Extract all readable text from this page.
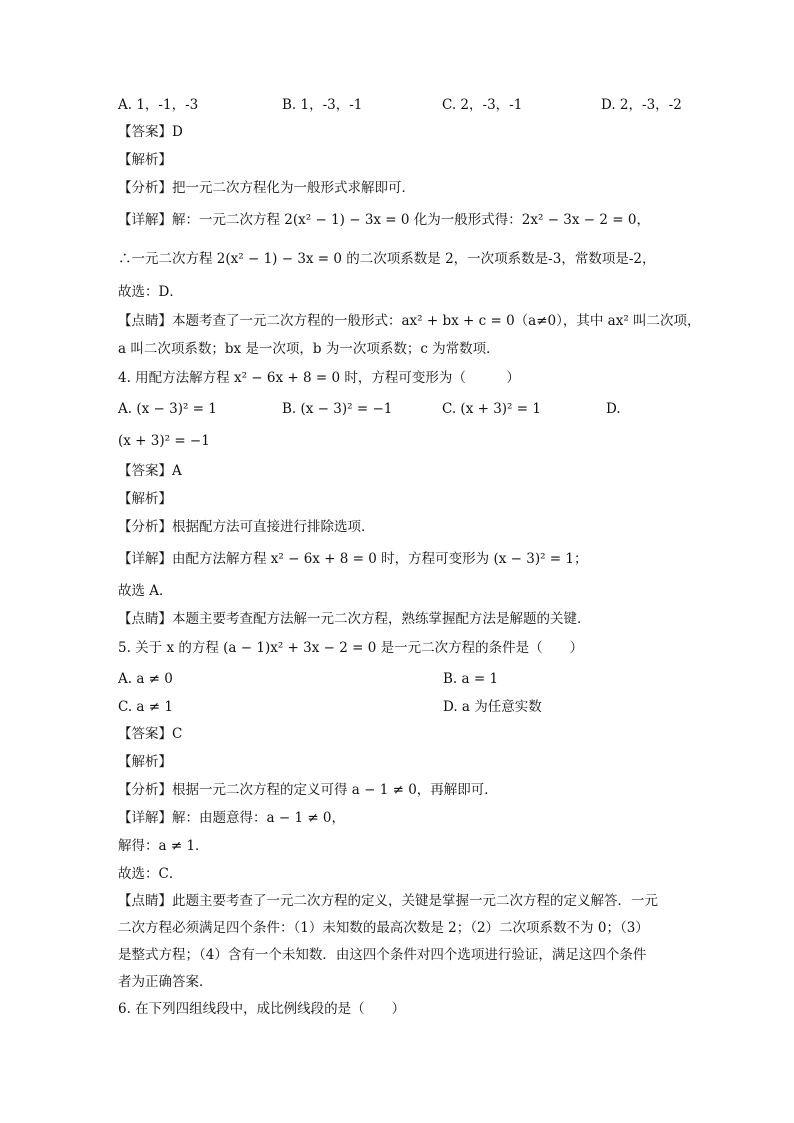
A. 1，-1，-3	B. 1，-3，-1	C. 2，-3，-1	D. 2，-3，-2
【答案】D
【解析】
【分析】把一元二次方程化为一般形式求解即可．
【详解】解：一元二次方程 2(x² − 1) − 3x = 0 化为一般形式得：2x² − 3x − 2 = 0，
∴一元二次方程 2(x² − 1) − 3x = 0 的二次项系数是 2，一次项系数是-3，常数项是-2，
故选：D．
【点睛】本题考查了一元二次方程的一般形式：ax² + bx + c = 0（a≠0），其中 ax² 叫二次项，
a 叫二次项系数；bx 是一次项，b 为一次项系数；c 为常数项．
4. 用配方法解方程 x² − 6x + 8 = 0 时，方程可变形为（　　　）
A. (x − 3)² = 1	B. (x − 3)² = −1	C. (x + 3)² = 1	D.
(x + 3)² = −1
【答案】A
【解析】
【分析】根据配方法可直接进行排除选项．
【详解】由配方法解方程 x² − 6x + 8 = 0 时，方程可变形为 (x − 3)² = 1；
故选 A．
【点睛】本题主要考查配方法解一元二次方程，熟练掌握配方法是解题的关键．
5. 关于 x 的方程 (a − 1)x² + 3x − 2 = 0 是一元二次方程的条件是（　　）
A. a ≠ 0	B. a = 1
C. a ≠ 1	D. a 为任意实数
【答案】C
【解析】
【分析】根据一元二次方程的定义可得 a − 1 ≠ 0，再解即可．
【详解】解：由题意得：a − 1 ≠ 0，
解得：a ≠ 1．
故选：C．
【点睛】此题主要考查了一元二次方程的定义，关键是掌握一元二次方程的定义解答．一元
二次方程必须满足四个条件：（1）未知数的最高次数是 2；（2）二次项系数不为 0；（3）
是整式方程；（4）含有一个未知数．由这四个条件对四个选项进行验证，满足这四个条件
者为正确答案．
6. 在下列四组线段中，成比例线段的是（　　）
